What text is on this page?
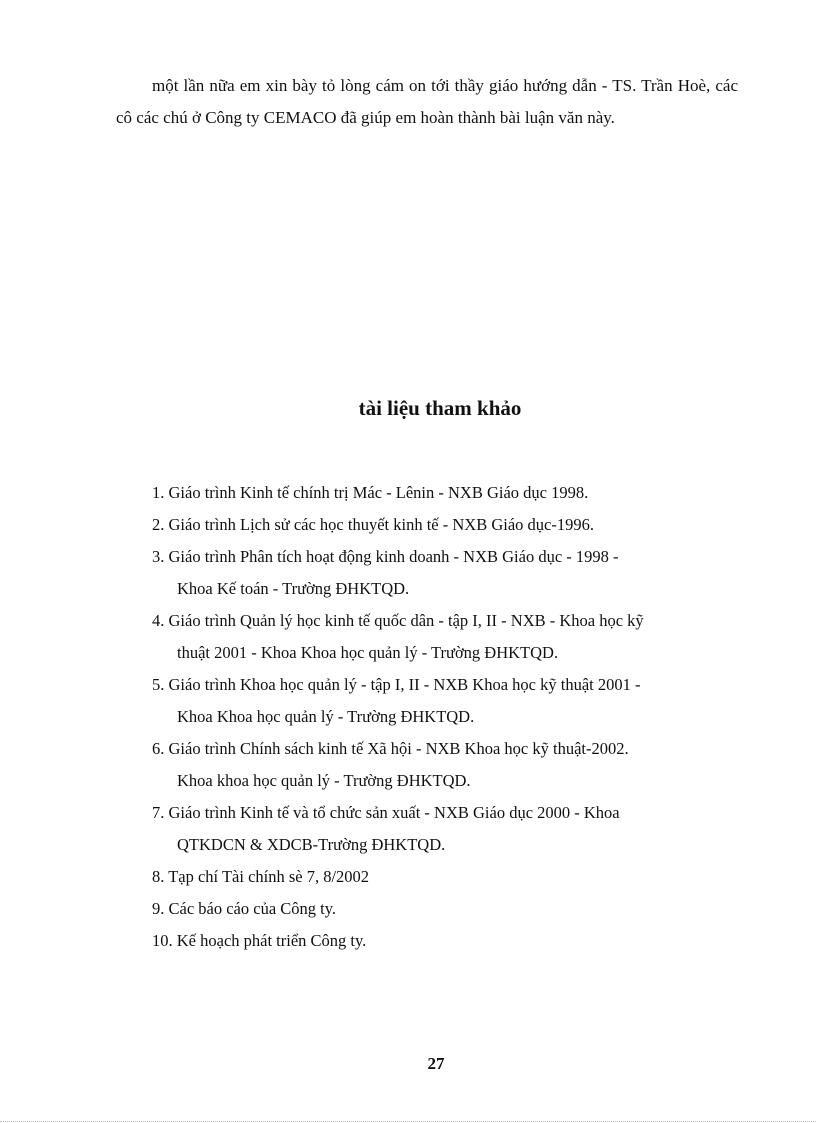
một lần nữa em xin bày tỏ lòng cám on tới thầy giáo hướng dẫn - TS. Trần Hoè, các cô các chú ở Công ty CEMACO đã giúp em hoàn thành bài luận văn này.
tài liệu tham khảo
1. Giáo trình Kinh tế chính trị Mác - Lênin - NXB Giáo dục 1998.
2. Giáo trình Lịch sử các học thuyết kinh tế - NXB Giáo dục-1996.
3. Giáo trình Phân tích hoạt động kinh doanh - NXB Giáo dục - 1998 -
Khoa Kế toán - Trường ĐHKTQD.
4. Giáo trình Quản lý học kinh tế quốc dân - tập I, II - NXB - Khoa học kỹ
thuật 2001 - Khoa Khoa học quản lý - Trường ĐHKTQD.
5. Giáo trình Khoa học quản lý - tập I, II - NXB Khoa học kỹ thuật 2001 -
Khoa Khoa học quản lý - Trường ĐHKTQD.
6. Giáo trình Chính sách kinh tế Xã hội - NXB Khoa học kỹ thuật-2002.
Khoa khoa học quản lý - Trường ĐHKTQD.
7. Giáo trình Kinh tế và tổ chức sản xuất - NXB Giáo dục 2000 - Khoa
QTKDCN & XDCB-Trường ĐHKTQD.
8. Tạp chí Tài chính sè 7, 8/2002
9. Các báo cáo của Công ty.
10. Kế hoạch phát triển Công ty.
27
